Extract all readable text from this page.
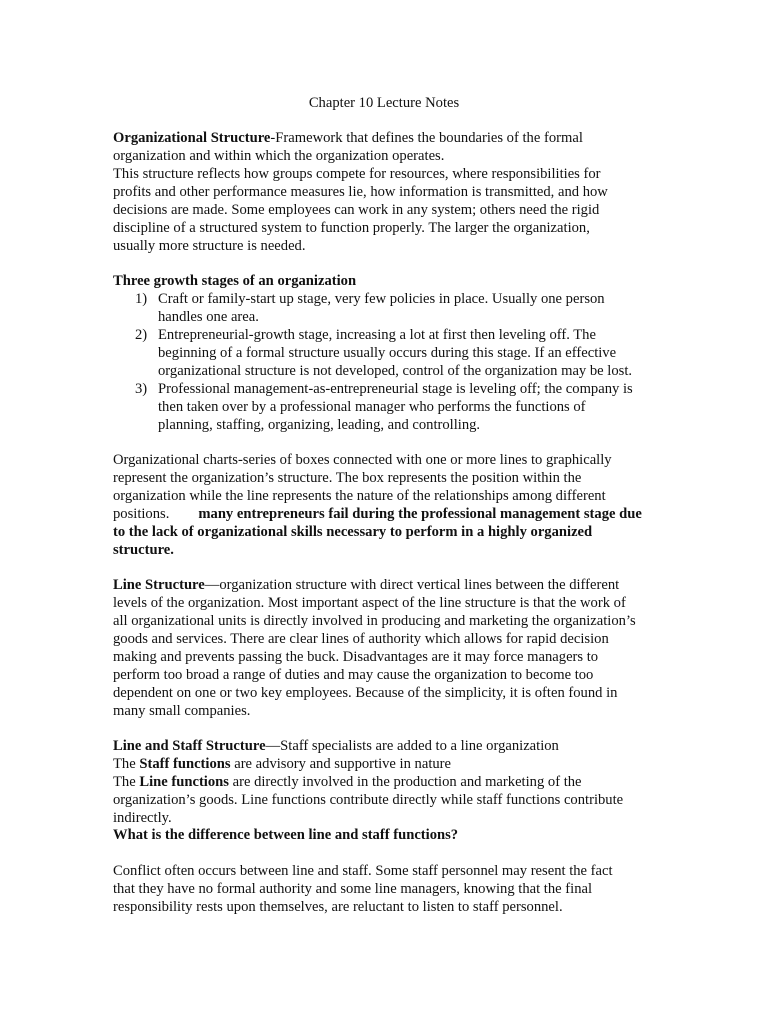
Chapter 10 Lecture Notes
Organizational Structure-Framework that defines the boundaries of the formal
organization and within which the organization operates.
This structure reflects how groups compete for resources, where responsibilities for
profits and other performance measures lie, how information is transmitted, and how
decisions are made. Some employees can work in any system; others need the rigid
discipline of a structured system to function properly. The larger the organization,
usually more structure is needed.
Three growth stages of an organization
1) Craft or family-start up stage, very few policies in place. Usually one person
handles one area.
2) Entrepreneurial-growth stage, increasing a lot at first then leveling off. The
beginning of a formal structure usually occurs during this stage. If an effective
organizational structure is not developed, control of the organization may be lost.
3) Professional management-as-entrepreneurial stage is leveling off; the company is
then taken over by a professional manager who performs the functions of
planning, staffing, organizing, leading, and controlling.
Organizational charts-series of boxes connected with one or more lines to graphically
represent the organization’s structure. The box represents the position within the
organization while the line represents the nature of the relationships among different
positions. many entrepreneurs fail during the professional management stage due
to the lack of organizational skills necessary to perform in a highly organized
structure.
Line Structure—organization structure with direct vertical lines between the different
levels of the organization. Most important aspect of the line structure is that the work of
all organizational units is directly involved in producing and marketing the organization’s
goods and services. There are clear lines of authority which allows for rapid decision
making and prevents passing the buck. Disadvantages are it may force managers to
perform too broad a range of duties and may cause the organization to become too
dependent on one or two key employees. Because of the simplicity, it is often found in
many small companies.
Line and Staff Structure—Staff specialists are added to a line organization
The Staff functions are advisory and supportive in nature
The Line functions are directly involved in the production and marketing of the
organization’s goods. Line functions contribute directly while staff functions contribute
indirectly.
What is the difference between line and staff functions?
Conflict often occurs between line and staff. Some staff personnel may resent the fact
that they have no formal authority and some line managers, knowing that the final
responsibility rests upon themselves, are reluctant to listen to staff personnel.
